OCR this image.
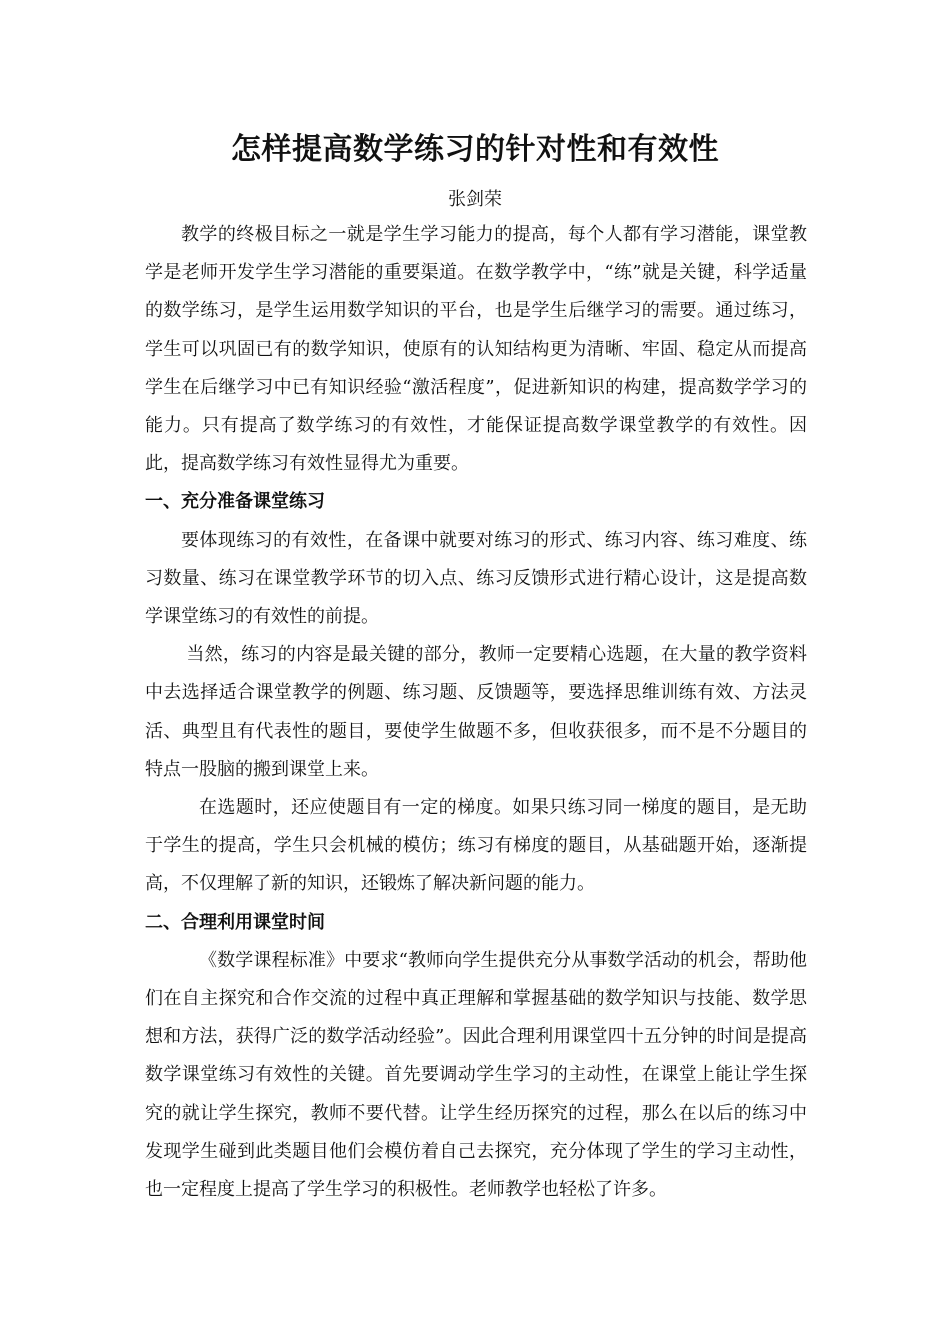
怎样提高数学练习的针对性和有效性
张剑荣

教学的终极目标之一就是学生学习能力的提高，每个人都有学习潜能，课堂教学是老师开发学生学习潜能的重要渠道。在数学教学中，“练”就是关键，科学适量的数学练习，是学生运用数学知识的平台，也是学生后继学习的需要。通过练习，学生可以巩固已有的数学知识，使原有的认知结构更为清晰、牢固、稳定从而提高学生在后继学习中已有知识经验“激活程度”，促进新知识的构建，提高数学学习的能力。只有提高了数学练习的有效性，才能保证提高数学课堂教学的有效性。因此，提高数学练习有效性显得尤为重要。

一、充分准备课堂练习

要体现练习的有效性，在备课中就要对练习的形式、练习内容、练习难度、练习数量、练习在课堂教学环节的切入点、练习反馈形式进行精心设计，这是提高数学课堂练习的有效性的前提。

当然，练习的内容是最关键的部分，教师一定要精心选题，在大量的教学资料中去选择适合课堂教学的例题、练习题、反馈题等，要选择思维训练有效、方法灵活、典型且有代表性的题目，要使学生做题不多，但收获很多，而不是不分题目的特点一股脑的搬到课堂上来。

在选题时，还应使题目有一定的梯度。如果只练习同一梯度的题目，是无助于学生的提高，学生只会机械的模仿；练习有梯度的题目，从基础题开始，逐渐提高，不仅理解了新的知识，还锻炼了解决新问题的能力。

二、合理利用课堂时间

《数学课程标准》中要求“教师向学生提供充分从事数学活动的机会，帮助他们在自主探究和合作交流的过程中真正理解和掌握基础的数学知识与技能、数学思想和方法，获得广泛的数学活动经验”。因此合理利用课堂四十五分钟的时间是提高数学课堂练习有效性的关键。首先要调动学生学习的主动性，在课堂上能让学生探究的就让学生探究，教师不要代替。让学生经历探究的过程，那么在以后的练习中发现学生碰到此类题目他们会模仿着自己去探究，充分体现了学生的学习主动性，也一定程度上提高了学生学习的积极性。老师教学也轻松了许多。
